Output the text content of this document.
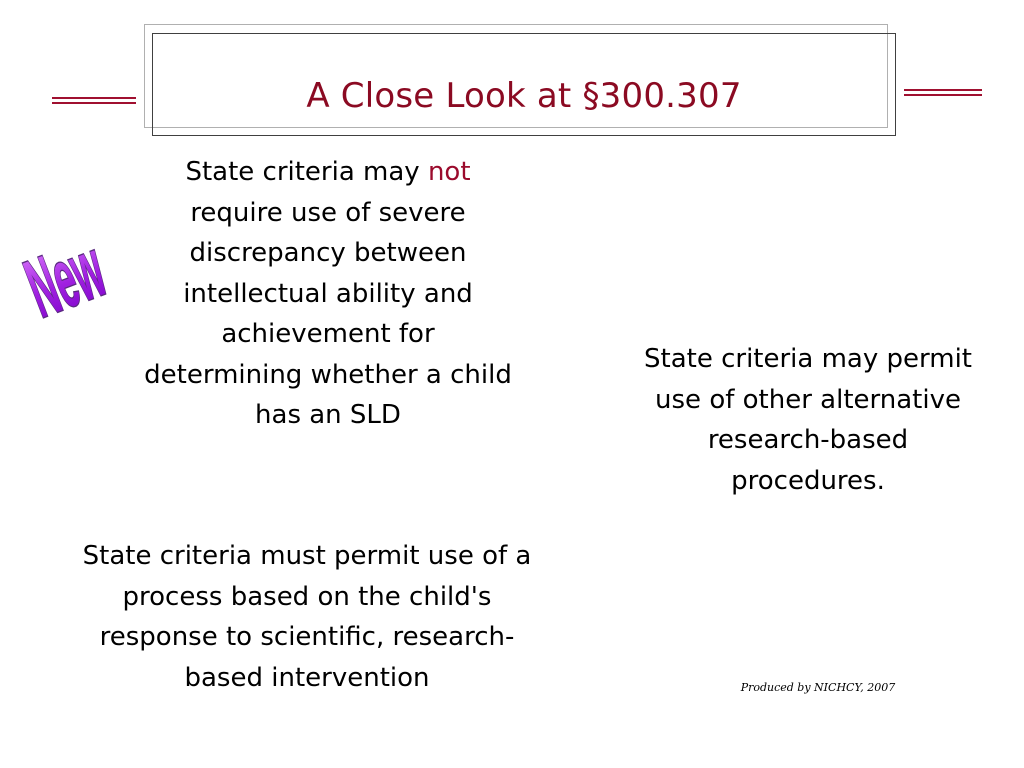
A Close Look at §300.307
New

State criteria may not require use of severe discrepancy between intellectual ability and achievement for determining whether a child has an SLD

State criteria may permit use of other alternative research-based procedures.

State criteria must permit use of a process based on the child's response to scientific, research-based intervention	Produced by NICHCY, 2007
